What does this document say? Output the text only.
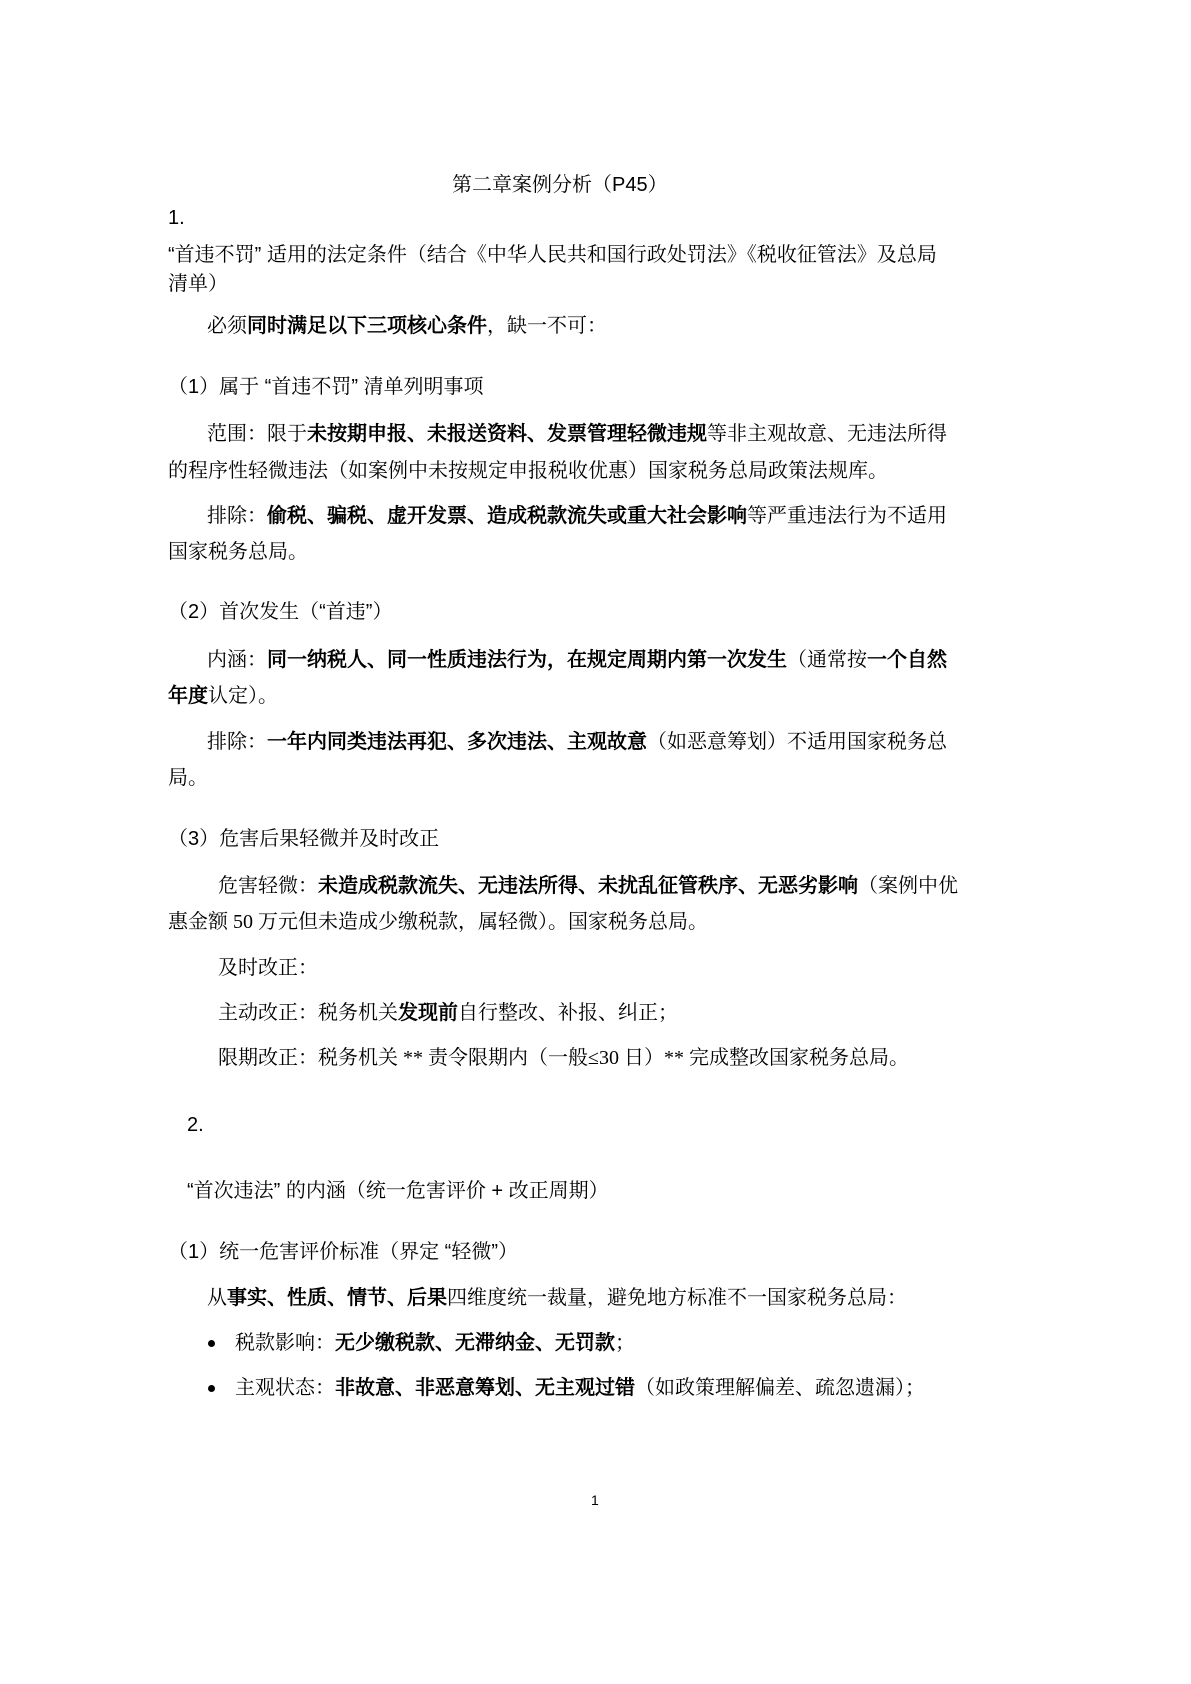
第二章案例分析（P45）
1.
“首违不罚” 适用的法定条件（结合《中华人民共和国行政处罚法》《税收征管法》及总局
清单）
必须同时满足以下三项核心条件，缺一不可：
（1）属于 “首违不罚” 清单列明事项
范围：限于未按期申报、未报送资料、发票管理轻微违规等非主观故意、无违法所得
的程序性轻微违法（如案例中未按规定申报税收优惠）国家税务总局政策法规库。
排除：偷税、骗税、虚开发票、造成税款流失或重大社会影响等严重违法行为不适用
国家税务总局。
（2）首次发生（“首违”）
内涵：同一纳税人、同一性质违法行为，在规定周期内第一次发生（通常按一个自然
年度认定）。
排除：一年内同类违法再犯、多次违法、主观故意（如恶意筹划）不适用国家税务总
局。
（3）危害后果轻微并及时改正
危害轻微：未造成税款流失、无违法所得、未扰乱征管秩序、无恶劣影响（案例中优
惠金额 50 万元但未造成少缴税款，属轻微）。国家税务总局。
及时改正：
主动改正：税务机关发现前自行整改、补报、纠正；
限期改正：税务机关 ** 责令限期内（一般≤30 日）** 完成整改国家税务总局。
2.
“首次违法” 的内涵（统一危害评价 + 改正周期）
（1）统一危害评价标准（界定 “轻微”）
从事实、性质、情节、后果四维度统一裁量，避免地方标准不一国家税务总局：
税款影响：无少缴税款、无滞纳金、无罚款；
主观状态：非故意、非恶意筹划、无主观过错（如政策理解偏差、疏忽遗漏）；
1
